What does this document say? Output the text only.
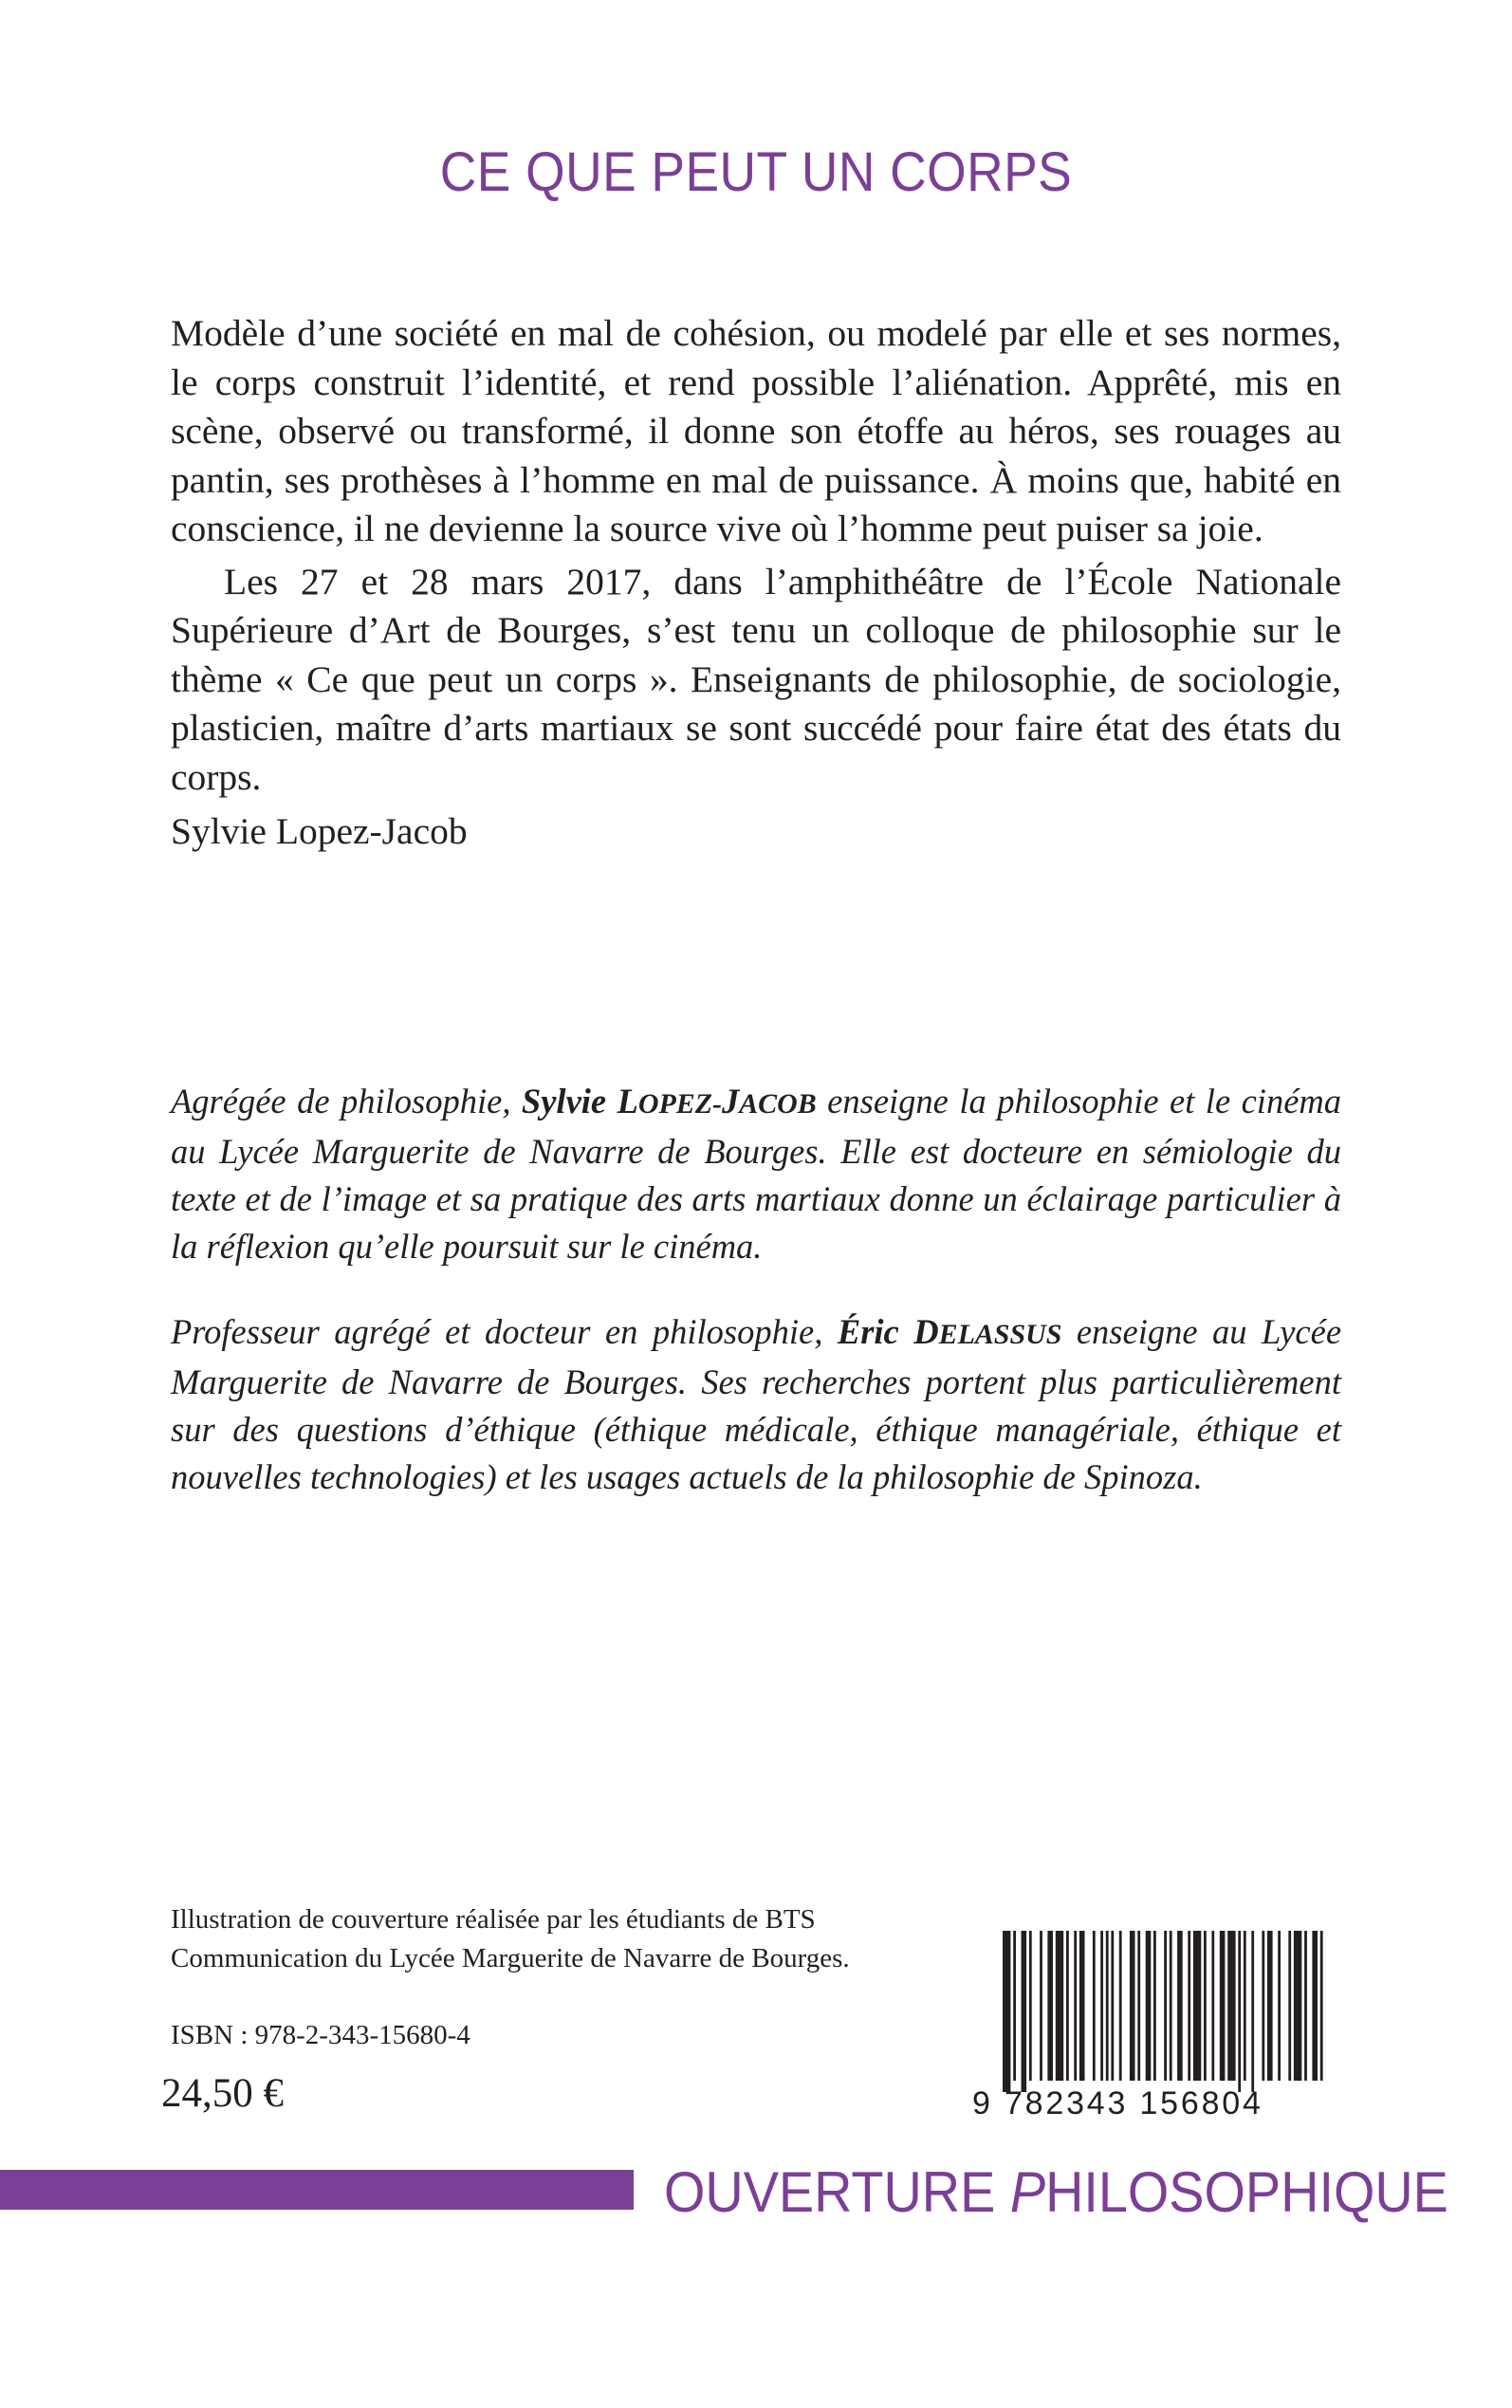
CE QUE PEUT UN CORPS

Modèle d’une société en mal de cohésion, ou modelé par elle et ses normes, le corps construit l’identité, et rend possible l’aliénation. Apprêté, mis en scène, observé ou transformé, il donne son étoffe au héros, ses rouages au pantin, ses prothèses à l’homme en mal de puissance. À moins que, habité en conscience, il ne devienne la source vive où l’homme peut puiser sa joie.

Les 27 et 28 mars 2017, dans l’amphithéâtre de l’École Nationale Supérieure d’Art de Bourges, s’est tenu un colloque de philosophie sur le thème « Ce que peut un corps ». Enseignants de philosophie, de sociologie, plasticien, maître d’arts martiaux se sont succédé pour faire état des états du corps.

Sylvie Lopez-Jacob

Agrégée de philosophie, Sylvie LOPEZ-JACOB enseigne la philosophie et le cinéma au Lycée Marguerite de Navarre de Bourges. Elle est docteure en sémiologie du texte et de l’image et sa pratique des arts martiaux donne un éclairage particulier à la réflexion qu’elle poursuit sur le cinéma.

Professeur agrégé et docteur en philosophie, Éric DELASSUS enseigne au Lycée Marguerite de Navarre de Bourges. Ses recherches portent plus particulièrement sur des questions d’éthique (éthique médicale, éthique managériale, éthique et nouvelles technologies) et les usages actuels de la philosophie de Spinoza.

Illustration de couverture réalisée par les étudiants de BTS Communication du Lycée Marguerite de Navarre de Bourges.

ISBN : 978-2-343-15680-4

24,50 €	9 782343 156804

OUVERTURE PHILOSOPHIQUE
